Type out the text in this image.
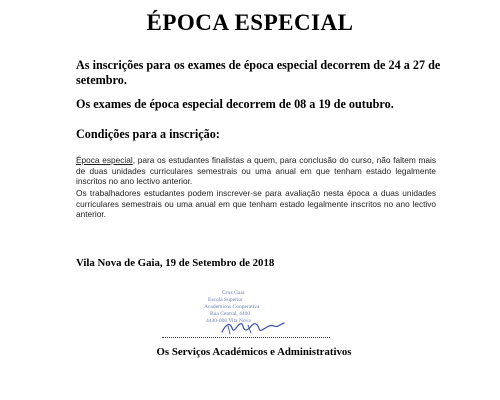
ÉPOCA ESPECIAL
As inscrições para os exames de época especial decorrem de 24 a 27 de setembro.
Os exames de época especial decorrem de 08 a 19 de outubro.
Condições para a inscrição:
Época especial, para os estudantes finalistas a quem, para conclusão do curso, não faltem mais de duas unidades curriculares semestrais ou uma anual em que tenham estado legalmente inscritos no ano lectivo anterior.
Os trabalhadores estudantes podem inscrever-se para avaliação nesta época a duas unidades curriculares semestrais ou uma anual em que tenham estado legalmente inscritos no ano lectivo anterior.
Vila Nova de Gaia, 19 de Setembro de 2018
Cruz Gaia
Escola Superior
Academicos Cooperativa
Rua Central, 4400
4430-000 Vila Nova
Os Serviços Académicos e Administrativos
